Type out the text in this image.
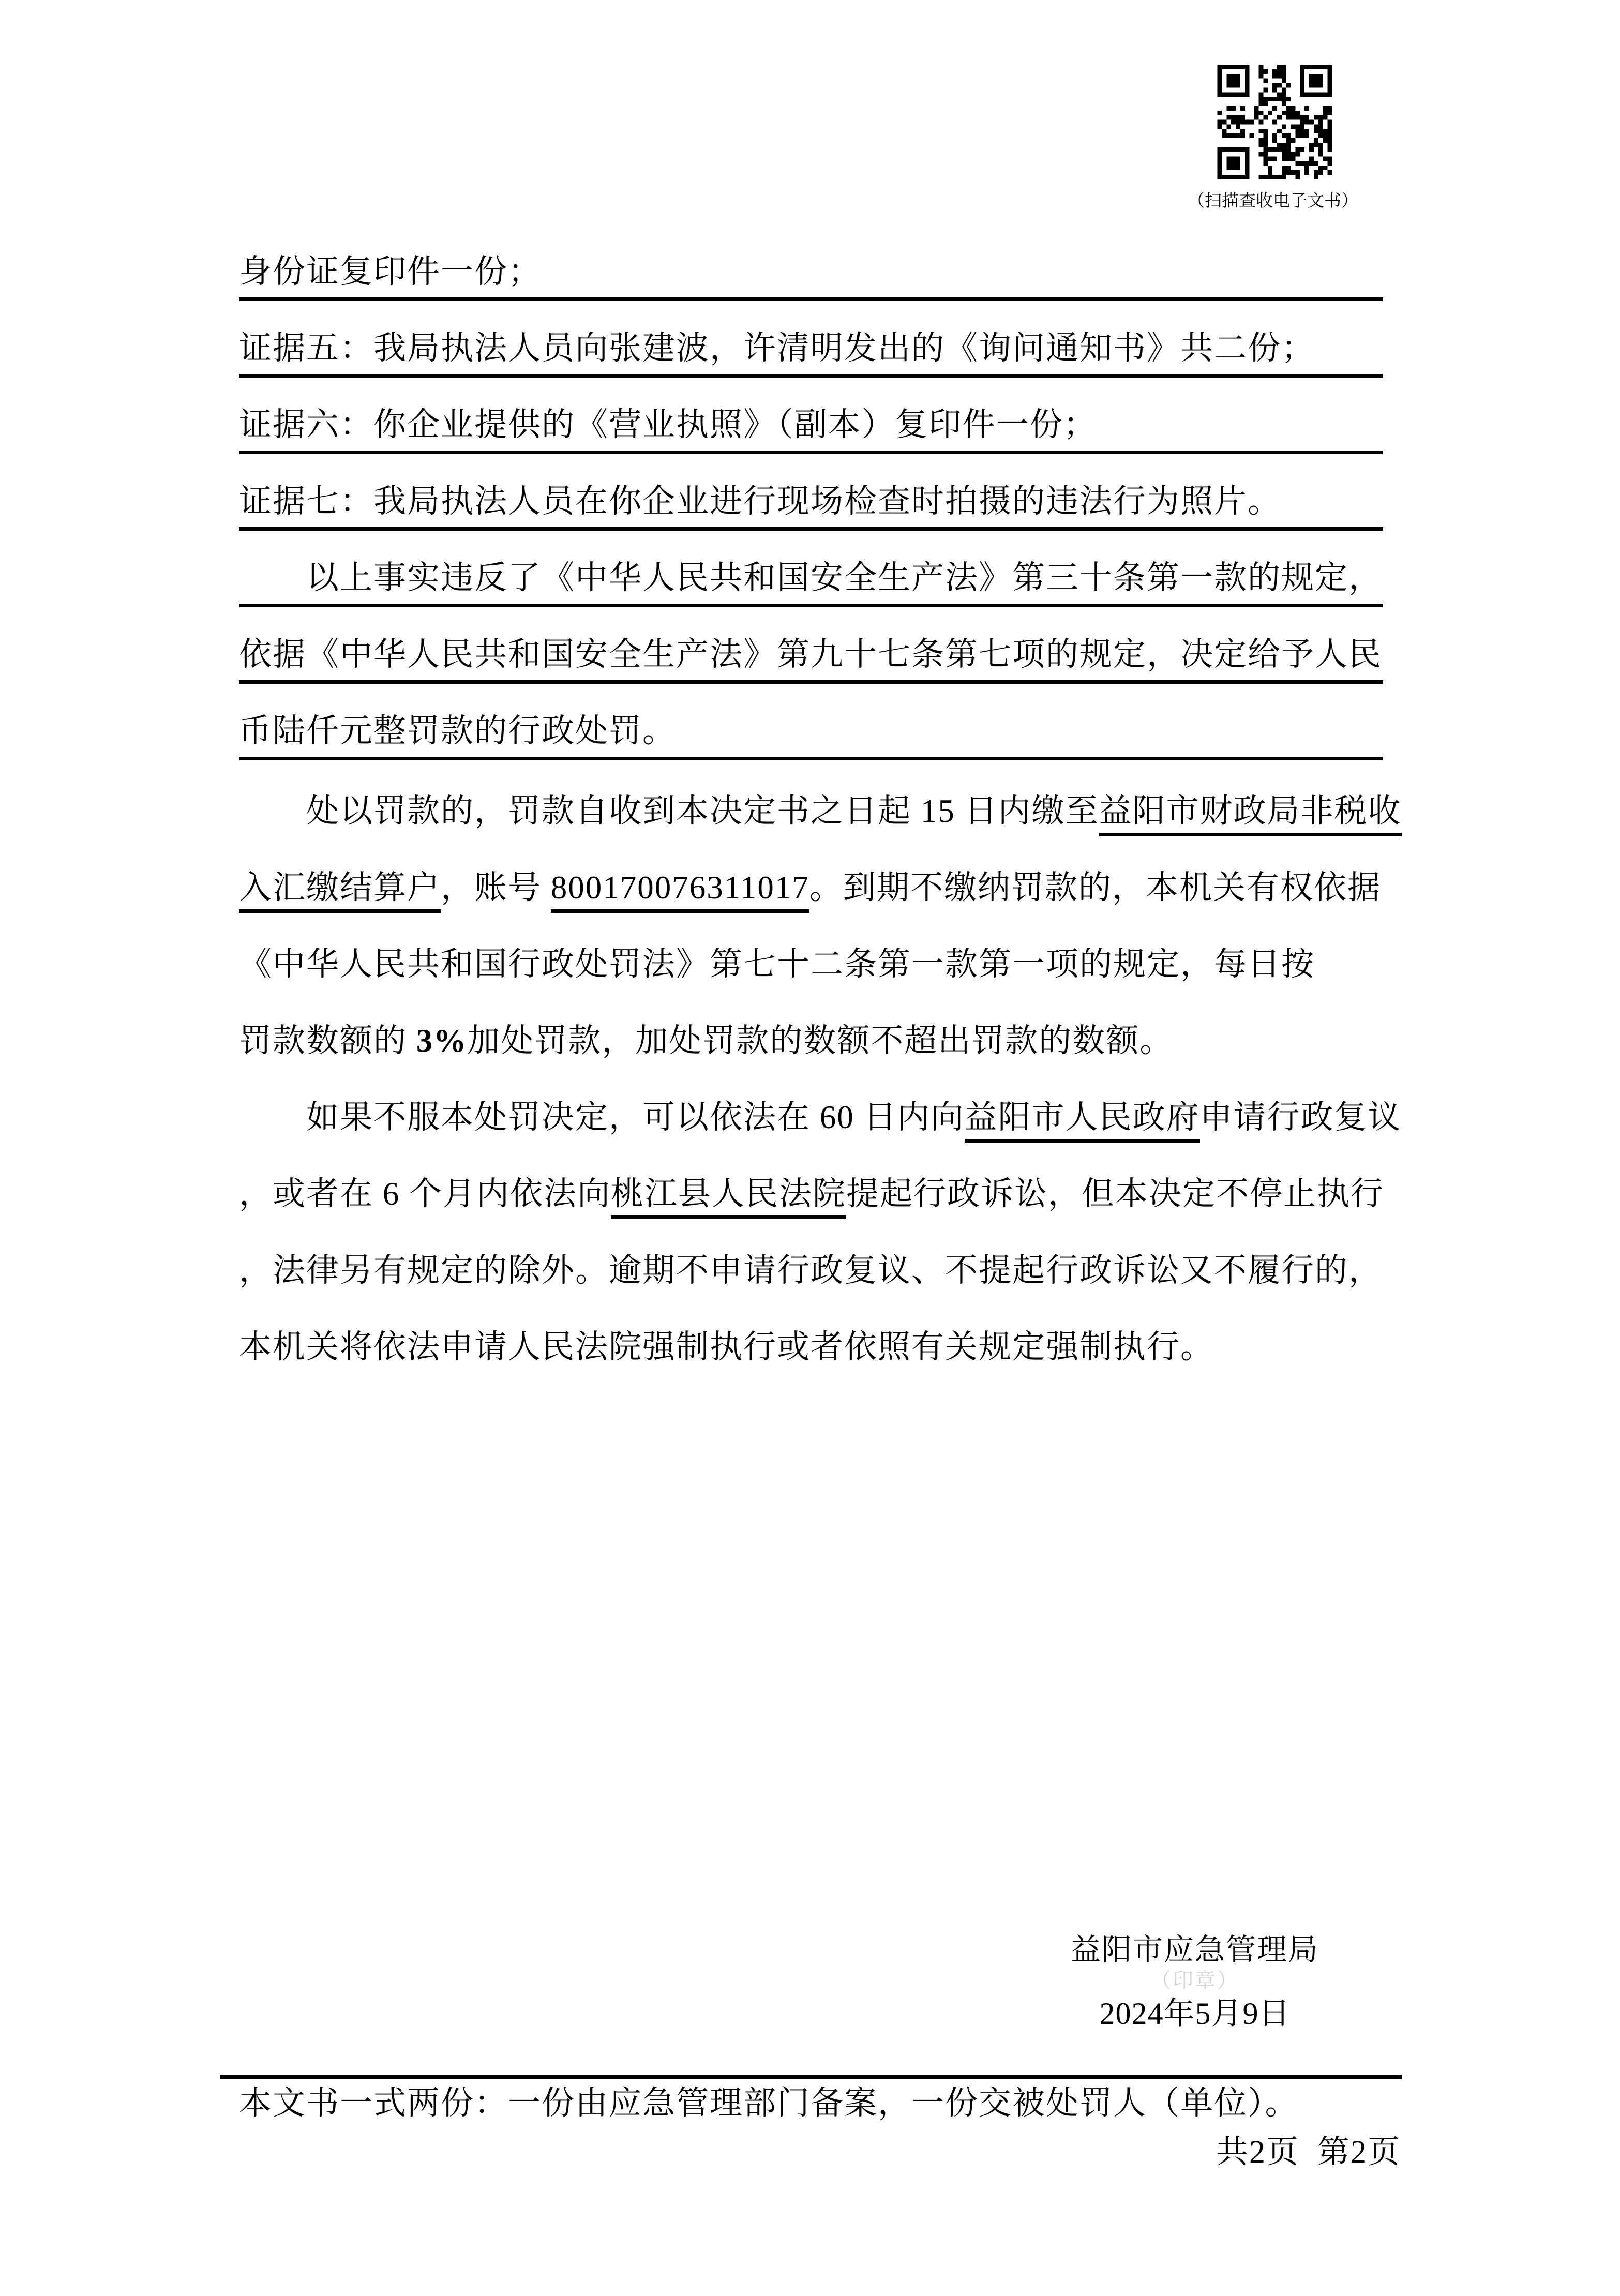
（扫描查收电子文书）
身份证复印件一份；
证据五：我局执法人员向张建波，许清明发出的《询问通知书》共二份；
证据六：你企业提供的《营业执照》（副本）复印件一份；
证据七：我局执法人员在你企业进行现场检查时拍摄的违法行为照片。
以上事实违反了《中华人民共和国安全生产法》第三十条第一款的规定，
依据《中华人民共和国安全生产法》第九十七条第七项的规定，决定给予人民
币陆仟元整罚款的行政处罚。
处以罚款的，罚款自收到本决定书之日起 15 日内缴至益阳市财政局非税收
入汇缴结算户，账号 800170076311017。到期不缴纳罚款的，本机关有权依据
《中华人民共和国行政处罚法》第七十二条第一款第一项的规定，每日按
罚款数额的 3%加处罚款，加处罚款的数额不超出罚款的数额。
如果不服本处罚决定，可以依法在 60 日内向益阳市人民政府申请行政复议
，或者在 6 个月内依法向桃江县人民法院提起行政诉讼，但本决定不停止执行
，法律另有规定的除外。逾期不申请行政复议、不提起行政诉讼又不履行的，
本机关将依法申请人民法院强制执行或者依照有关规定强制执行。
益阳市应急管理局
（印章）
2024年5月9日
本文书一式两份：一份由应急管理部门备案，一份交被处罚人（单位）。
共2页  第2页
